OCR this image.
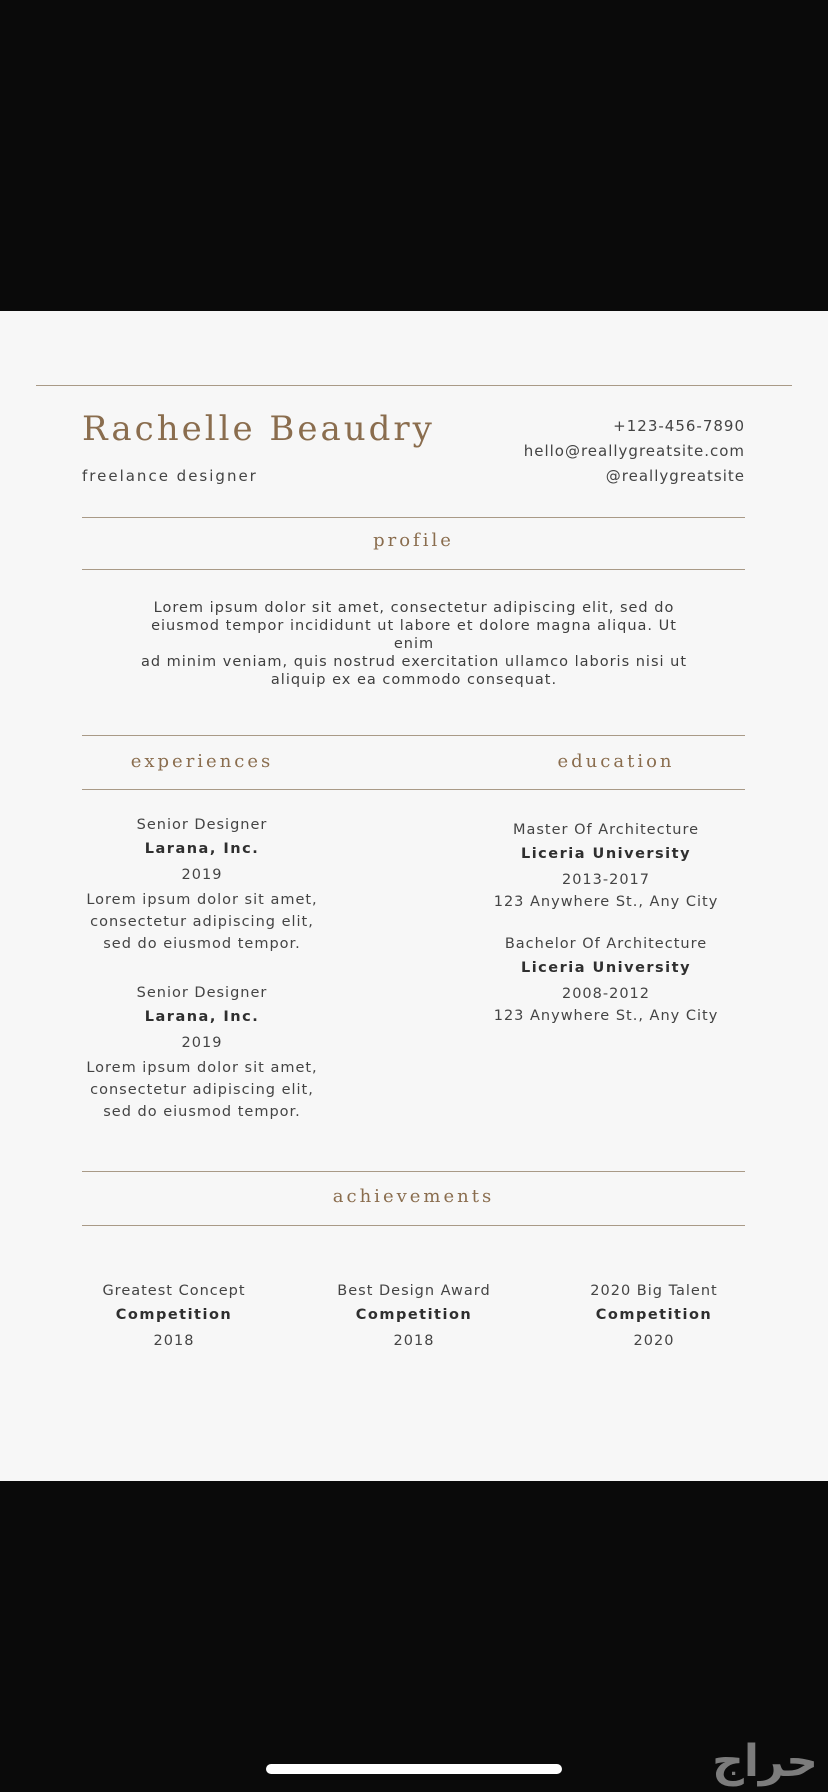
Rachelle Beaudry
freelance designer
+123-456-7890
hello@reallygreatsite.com
@reallygreatsite
profile
Lorem ipsum dolor sit amet, consectetur adipiscing elit, sed do
eiusmod tempor incididunt ut labore et dolore magna aliqua. Ut enim
ad minim veniam, quis nostrud exercitation ullamco laboris nisi ut
aliquip ex ea commodo consequat.
experiences	education
Senior Designer
Larana, Inc.
2019
Lorem ipsum dolor sit amet,
consectetur adipiscing elit,
sed do eiusmod tempor.
Senior Designer
Larana, Inc.
2019
Lorem ipsum dolor sit amet,
consectetur adipiscing elit,
sed do eiusmod tempor.
Master Of Architecture
Liceria University
2013-2017
123 Anywhere St., Any City
Bachelor Of Architecture
Liceria University
2008-2012
123 Anywhere St., Any City
achievements
Greatest Concept
Competition
2018
Best Design Award
Competition
2018
2020 Big Talent
Competition
2020
حراج
